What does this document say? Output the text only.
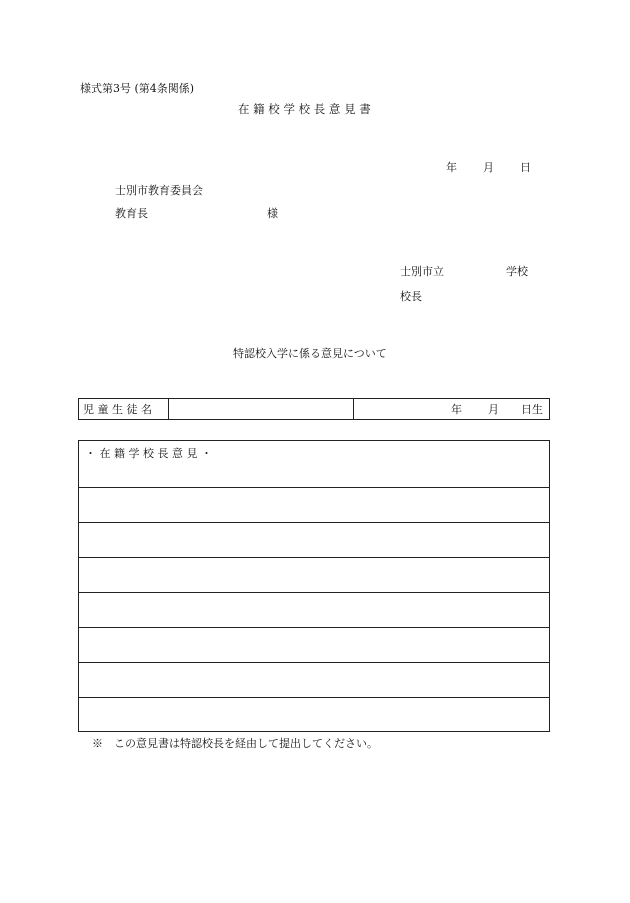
様式第3号 (第4条関係)
在 籍 校 学 校 長 意 見 書
年 月 日
士別市教育委員会
教育長	様
士別市立	学校
校長
特認校入学に係る意見について
児 童 生 徒 名	年 月 日生
・ 在 籍 学 校 長 意 見 ・
※　この意見書は特認校長を経由して提出してください。
